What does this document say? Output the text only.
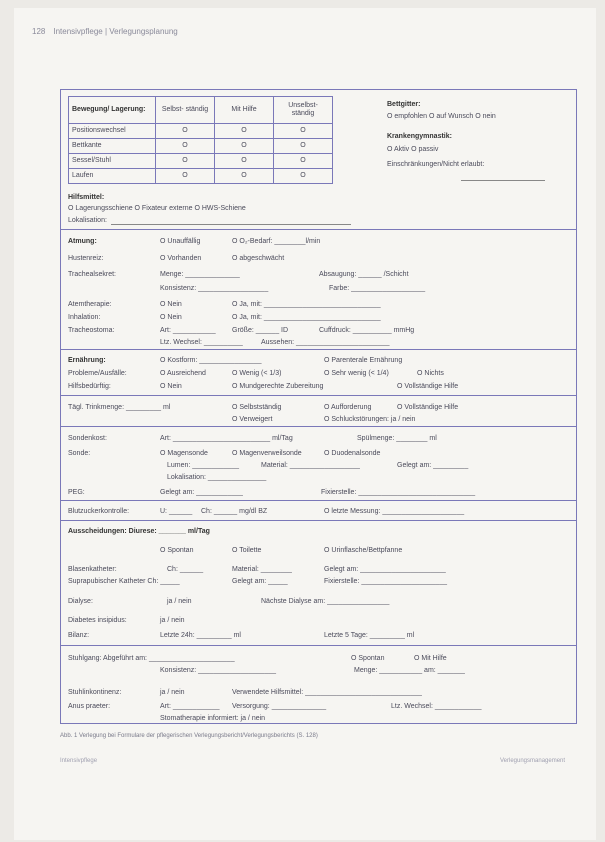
128 Intensivpflege | Verlegungsplanung
Bewegung/ Lagerung:	Selbst- ständig	Mit Hilfe	Unselbst- ständig
Positionswechsel	O	O	O
Bettkante	O	O	O
Sessel/Stuhl	O	O	O
Laufen	O	O	O
Bettgitter:
O empfohlen O auf Wunsch O nein
Krankengymnastik:
O Aktiv O passiv
Einschränkungen/Nicht erlaubt:
Hilfsmittel:
O Lagerungsschiene O Fixateur externe O HWS-Schiene
Lokalisation:
Atmung:	O Unauffällig	O O₂-Bedarf: ________l/min
Hustenreiz:	O Vorhanden	O abgeschwächt
Trachealsekret:	Menge: ______________	Absaugung: ______ /Schicht
Konsistenz: __________________	Farbe: ___________________
Atemtherapie:	O Nein	O Ja, mit: ______________________________
Inhalation:	O Nein	O Ja, mit: ______________________________
Tracheostoma:	Art: ___________ Größe: ______ ID	Cuffdruck: __________ mmHg
Ltz. Wechsel: __________	Aussehen: ________________________
Ernährung:	O Kostform: ________________	O Parenterale Ernährung
Probleme/Ausfälle:	O Ausreichend	O Wenig (< 1/3)	O Sehr wenig (< 1/4)	O Nichts
Hilfsbedürftig:	O Nein	O Mundgerechte Zubereitung	O Vollständige Hilfe
Tägl. Trinkmenge: _________ ml	O Selbstständig	O Aufforderung	O Vollständige Hilfe
O Verweigert	O Schluckstörungen: ja / nein
Sondenkost:	Art: _________________________ ml/Tag	Spülmenge: ________ ml
Sonde:	O Magensonde	O Magenverweilsonde	O Duodenalsonde
Lumen: ____________	Material: __________________	Gelegt am: _________
Lokalisation: _______________
PEG:	Gelegt am: ____________	Fixierstelle: ______________________________
Blutzuckerkontrolle:	U: ______ Ch: ______ mg/dl BZ	O letzte Messung: _____________________
Ausscheidungen: Diurese: _______ ml/Tag
O Spontan	O Toilette	O Urinflasche/Bettpfanne
Blasenkatheter:	Ch: ______	Material: ________	Gelegt am: ______________________
Suprapubischer Katheter Ch: _____	Gelegt am: _____	Fixierstelle: ______________________
Dialyse:	ja / nein	Nächste Dialyse am: ________________
Diabetes insipidus:	ja / nein
Bilanz:	Letzte 24h: _________ ml	Letzte 5 Tage: _________ ml
Stuhlgang: Abgeführt am: ______________________	O Spontan	O Mit Hilfe
Konsistenz: ____________________	Menge: ___________ am: _______
Stuhlinkontinenz:	ja / nein	Verwendete Hilfsmittel: ______________________________
Anus praeter:	Art: ____________ Versorgung: ______________	Ltz. Wechsel: ____________
Stomatherapie informiert: ja / nein
Abb. 1 Verlegung bei Formulare der pflegerischen Verlegungsbericht/Verlegungsberichts (S. 128)
Intensivpflege	Verlegungsmanagement
